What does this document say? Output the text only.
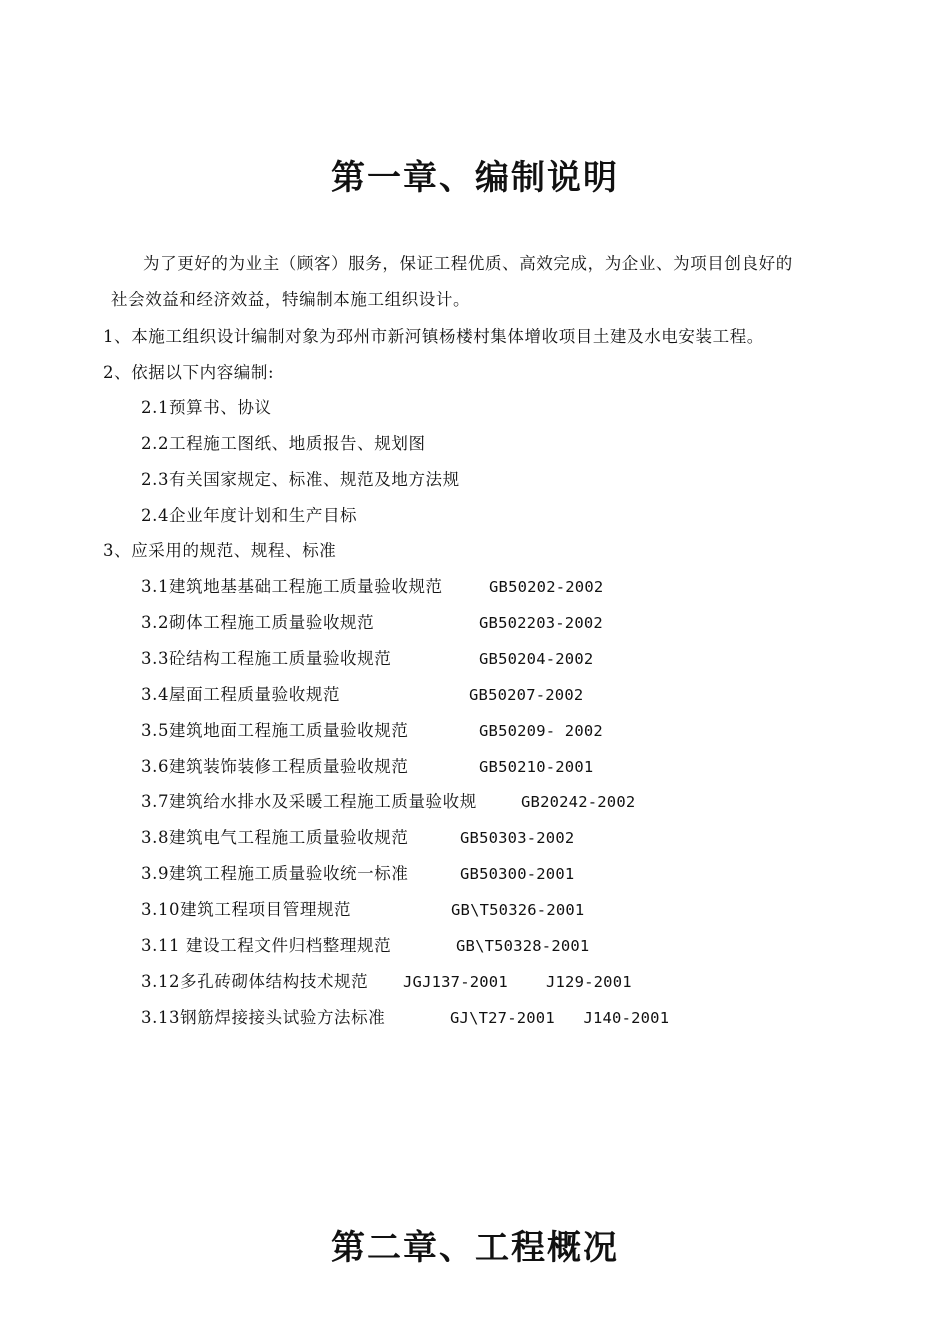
第一章、编制说明
为了更好的为业主（顾客）服务，保证工程优质、高效完成，为企业、为项目创良好的
社会效益和经济效益，特编制本施工组织设计。
1、本施工组织设计编制对象为邳州市新河镇杨楼村集体增收项目土建及水电安装工程。
2、依据以下内容编制:
2.1预算书、协议
2.2工程施工图纸、地质报告、规划图
2.3有关国家规定、标准、规范及地方法规
2.4企业年度计划和生产目标
3、应采用的规范、规程、标准
3.1建筑地基基础工程施工质量验收规范	GB50202-2002
3.2砌体工程施工质量验收规范	GB502203-2002
3.3砼结构工程施工质量验收规范	GB50204-2002
3.4屋面工程质量验收规范	GB50207-2002
3.5建筑地面工程施工质量验收规范	GB50209- 2002
3.6建筑装饰装修工程质量验收规范	GB50210-2001
3.7建筑给水排水及采暖工程施工质量验收规	GB20242-2002
3.8建筑电气工程施工质量验收规范	GB50303-2002
3.9建筑工程施工质量验收统一标准	GB50300-2001
3.10建筑工程项目管理规范	GB\T50326-2001
3.11 建设工程文件归档整理规范	GB\T50328-2001
3.12多孔砖砌体结构技术规范 JGJ137-2001    J129-2001
3.13钢筋焊接接头试验方法标准	GJ\T27-2001   J140-2001
第二章、工程概况
